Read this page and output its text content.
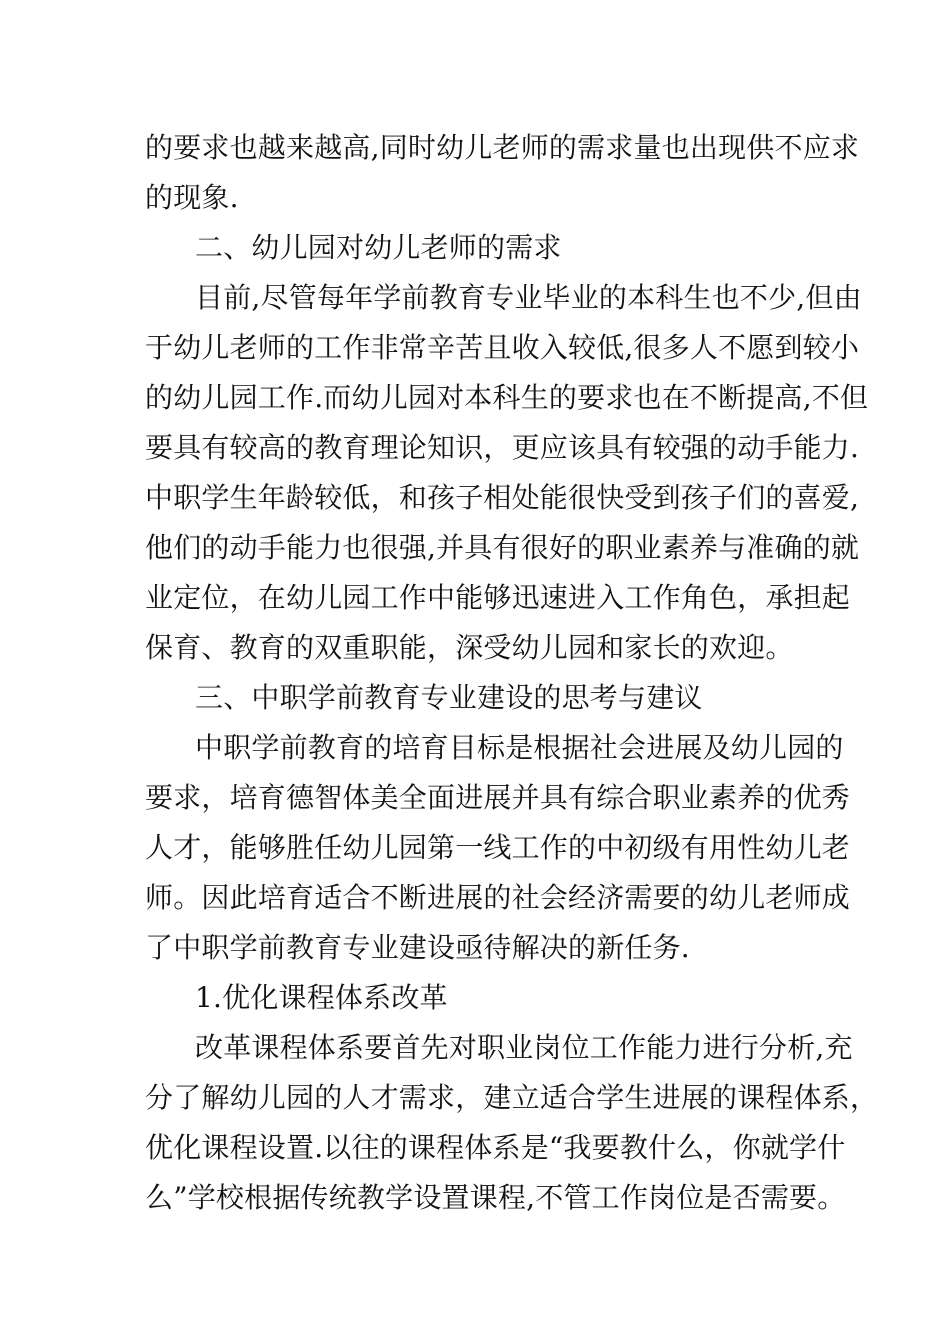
的要求也越来越高,同时幼儿老师的需求量也出现供不应求
的现象.
二、幼儿园对幼儿老师的需求
目前,尽管每年学前教育专业毕业的本科生也不少,但由
于幼儿老师的工作非常辛苦且收入较低,很多人不愿到较小
的幼儿园工作.而幼儿园对本科生的要求也在不断提高,不但
要具有较高的教育理论知识，更应该具有较强的动手能力.
中职学生年龄较低，和孩子相处能很快受到孩子们的喜爱,
他们的动手能力也很强,并具有很好的职业素养与准确的就
业定位，在幼儿园工作中能够迅速进入工作角色，承担起
保育、教育的双重职能，深受幼儿园和家长的欢迎。
三、中职学前教育专业建设的思考与建议
中职学前教育的培育目标是根据社会进展及幼儿园的
要求，培育德智体美全面进展并具有综合职业素养的优秀
人才，能够胜任幼儿园第一线工作的中初级有用性幼儿老
师。因此培育适合不断进展的社会经济需要的幼儿老师成
了中职学前教育专业建设亟待解决的新任务.
1.优化课程体系改革
改革课程体系要首先对职业岗位工作能力进行分析,充
分了解幼儿园的人才需求，建立适合学生进展的课程体系，
优化课程设置.以往的课程体系是“我要教什么，你就学什
么”学校根据传统教学设置课程,不管工作岗位是否需要。
